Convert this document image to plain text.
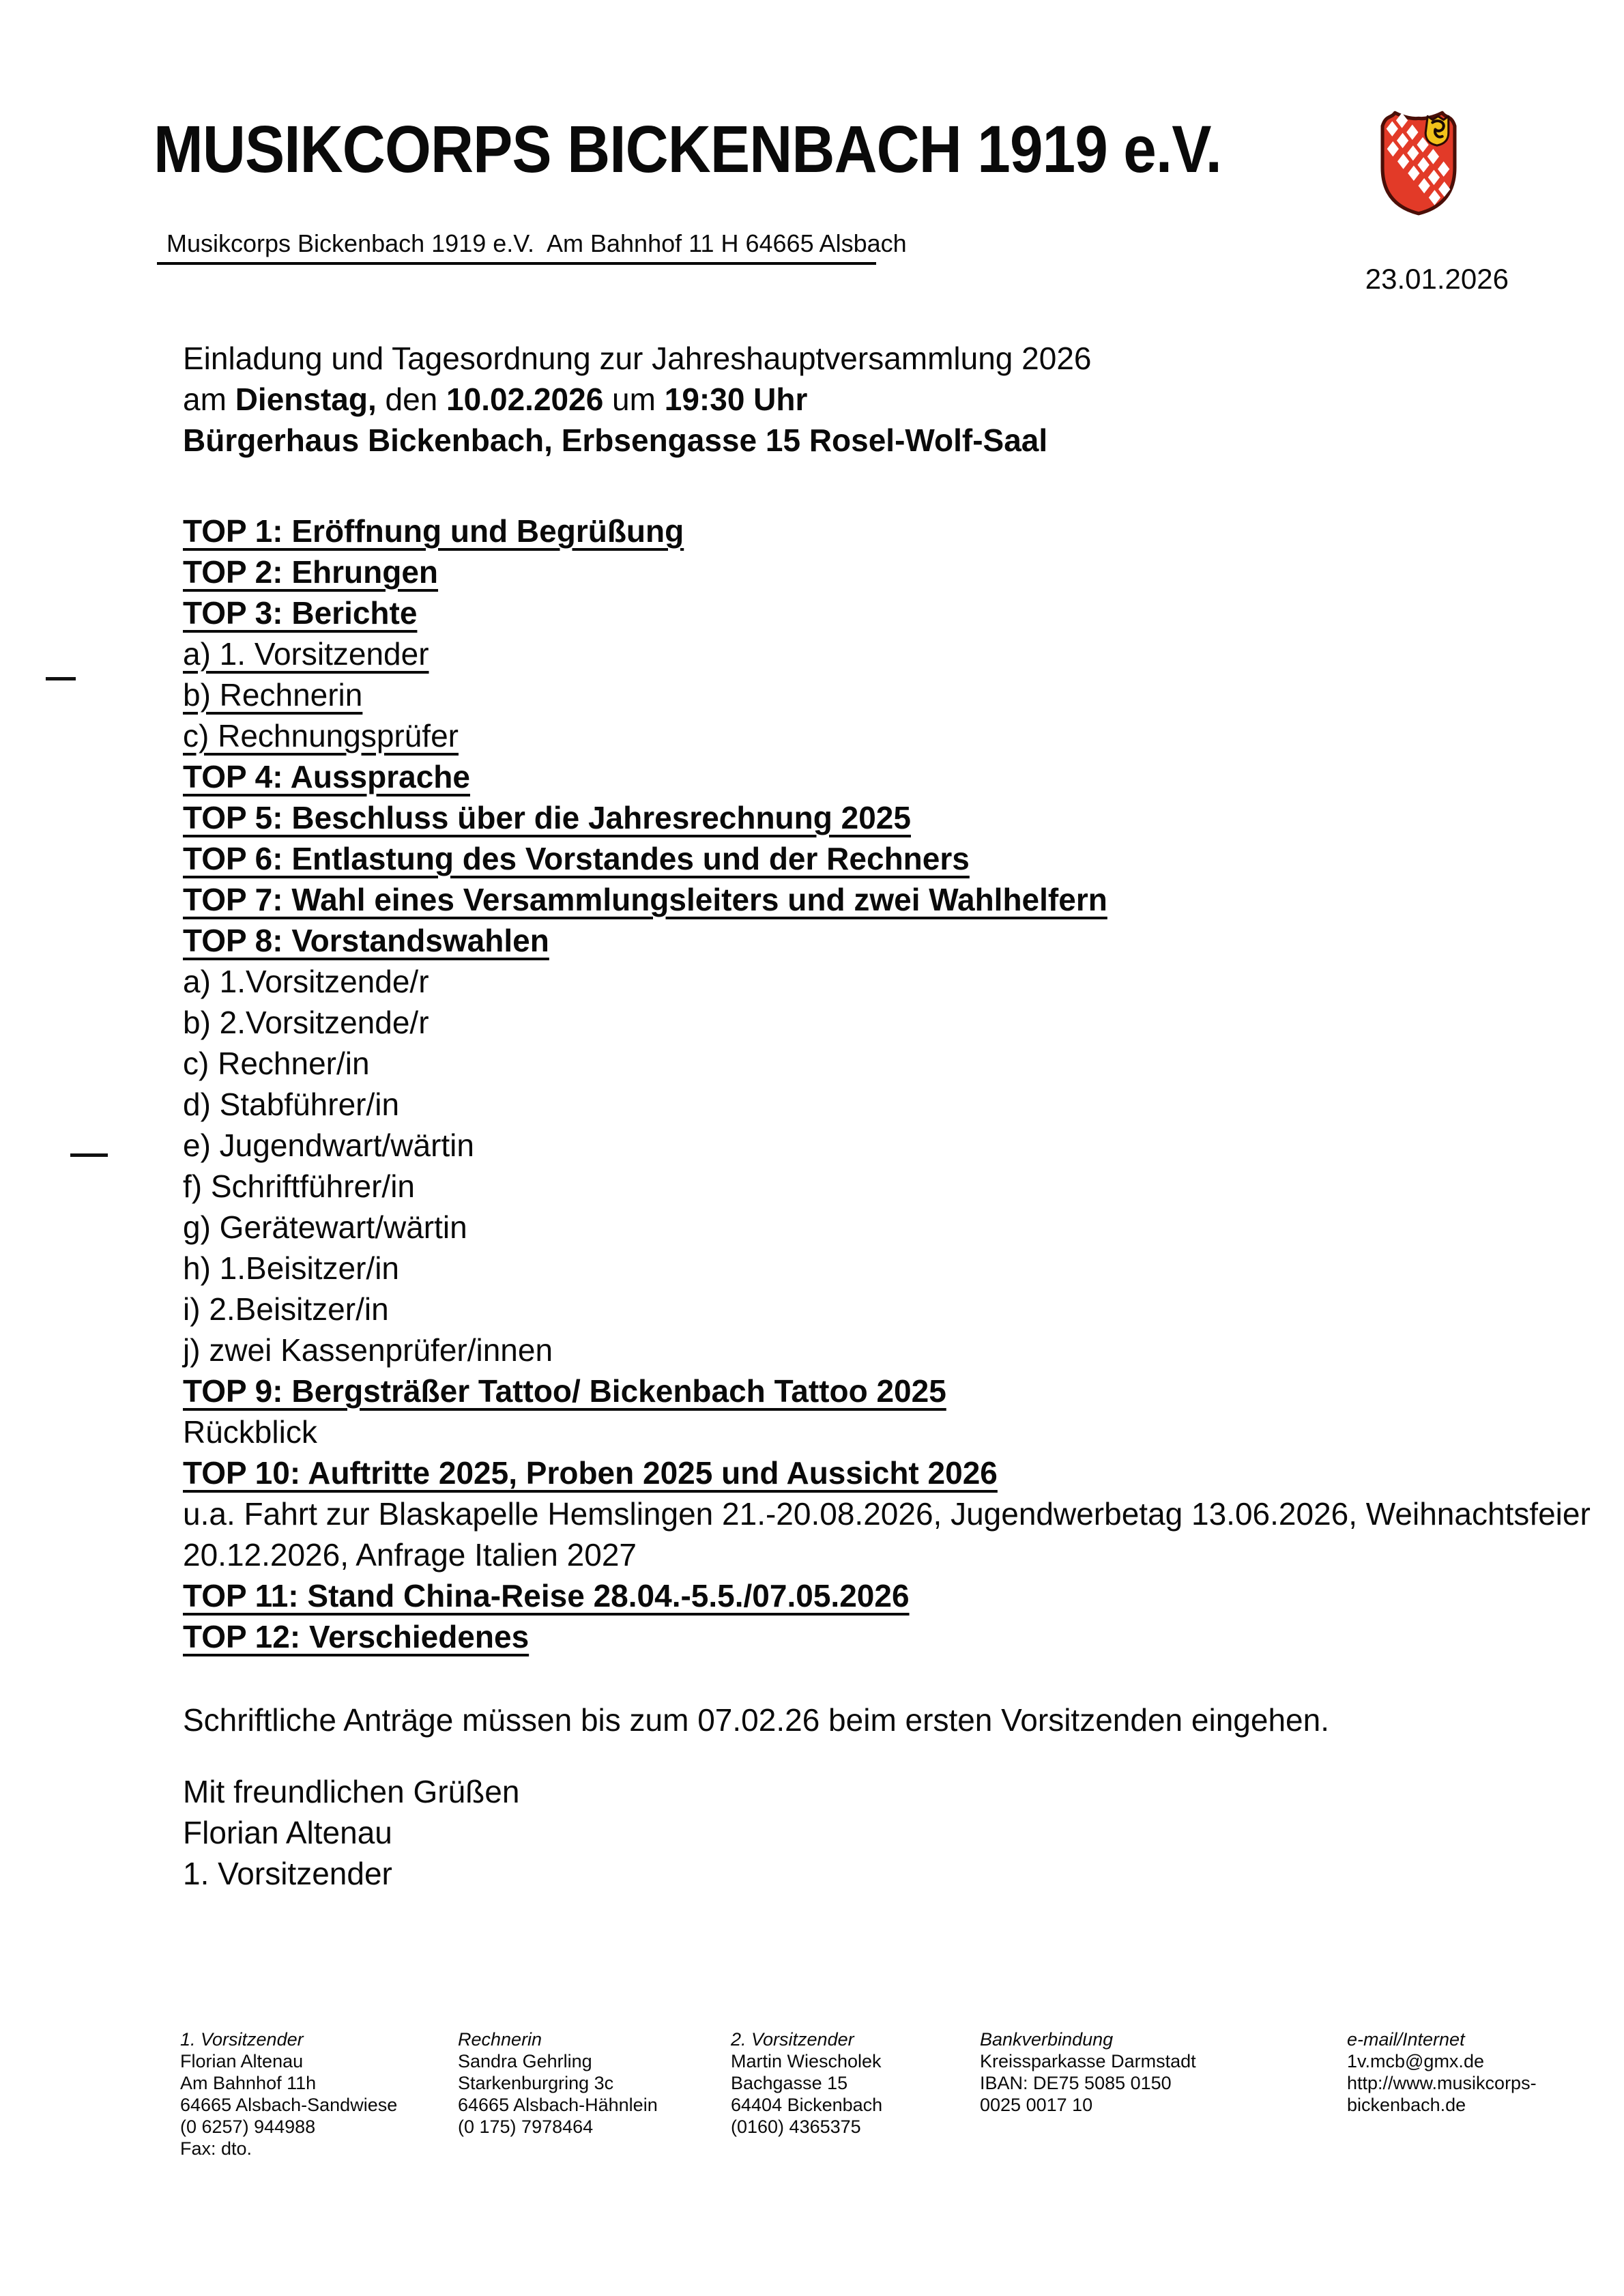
MUSIKCORPS BICKENBACH 1919 e.V.
Musikcorps Bickenbach 1919 e.V.  Am Bahnhof 11 H 64665 Alsbach
23.01.2026
Einladung und Tagesordnung zur Jahreshauptversammlung 2026
am Dienstag, den 10.02.2026 um 19:30 Uhr
Bürgerhaus Bickenbach, Erbsengasse 15 Rosel-Wolf-Saal
TOP 1: Eröffnung und Begrüßung
TOP 2: Ehrungen
TOP 3: Berichte
a) 1. Vorsitzender
b) Rechnerin
c) Rechnungsprüfer
TOP 4: Aussprache
TOP 5: Beschluss über die Jahresrechnung 2025
TOP 6: Entlastung des Vorstandes und der Rechners
TOP 7: Wahl eines Versammlungsleiters und zwei Wahlhelfern
TOP 8: Vorstandswahlen
a) 1.Vorsitzende/r
b) 2.Vorsitzende/r
c) Rechner/in
d) Stabführer/in
e) Jugendwart/wärtin
f) Schriftführer/in
g) Gerätewart/wärtin
h) 1.Beisitzer/in
i) 2.Beisitzer/in
j) zwei Kassenprüfer/innen
TOP 9: Bergsträßer Tattoo/ Bickenbach Tattoo 2025
Rückblick
TOP 10: Auftritte 2025, Proben 2025 und Aussicht 2026
u.a. Fahrt zur Blaskapelle Hemslingen 21.-20.08.2026, Jugendwerbetag 13.06.2026, Weihnachtsfeier
20.12.2026, Anfrage Italien 2027
TOP 11: Stand China-Reise 28.04.-5.5./07.05.2026
TOP 12: Verschiedenes
Schriftliche Anträge müssen bis zum 07.02.26 beim ersten Vorsitzenden eingehen.
Mit freundlichen Grüßen
Florian Altenau
1. Vorsitzender
1. Vorsitzender
Florian Altenau
Am Bahnhof 11h
64665 Alsbach-Sandwiese
(0 6257) 944988
Fax: dto.
Rechnerin
Sandra Gehrling
Starkenburgring 3c
64665 Alsbach-Hähnlein
(0 175) 7978464
2. Vorsitzender
Martin Wiescholek
Bachgasse 15
64404 Bickenbach
(0160) 4365375
Bankverbindung
Kreissparkasse Darmstadt
IBAN: DE75 5085 0150
0025 0017 10
e-mail/Internet
1v.mcb@gmx.de
http://www.musikcorps-
bickenbach.de
